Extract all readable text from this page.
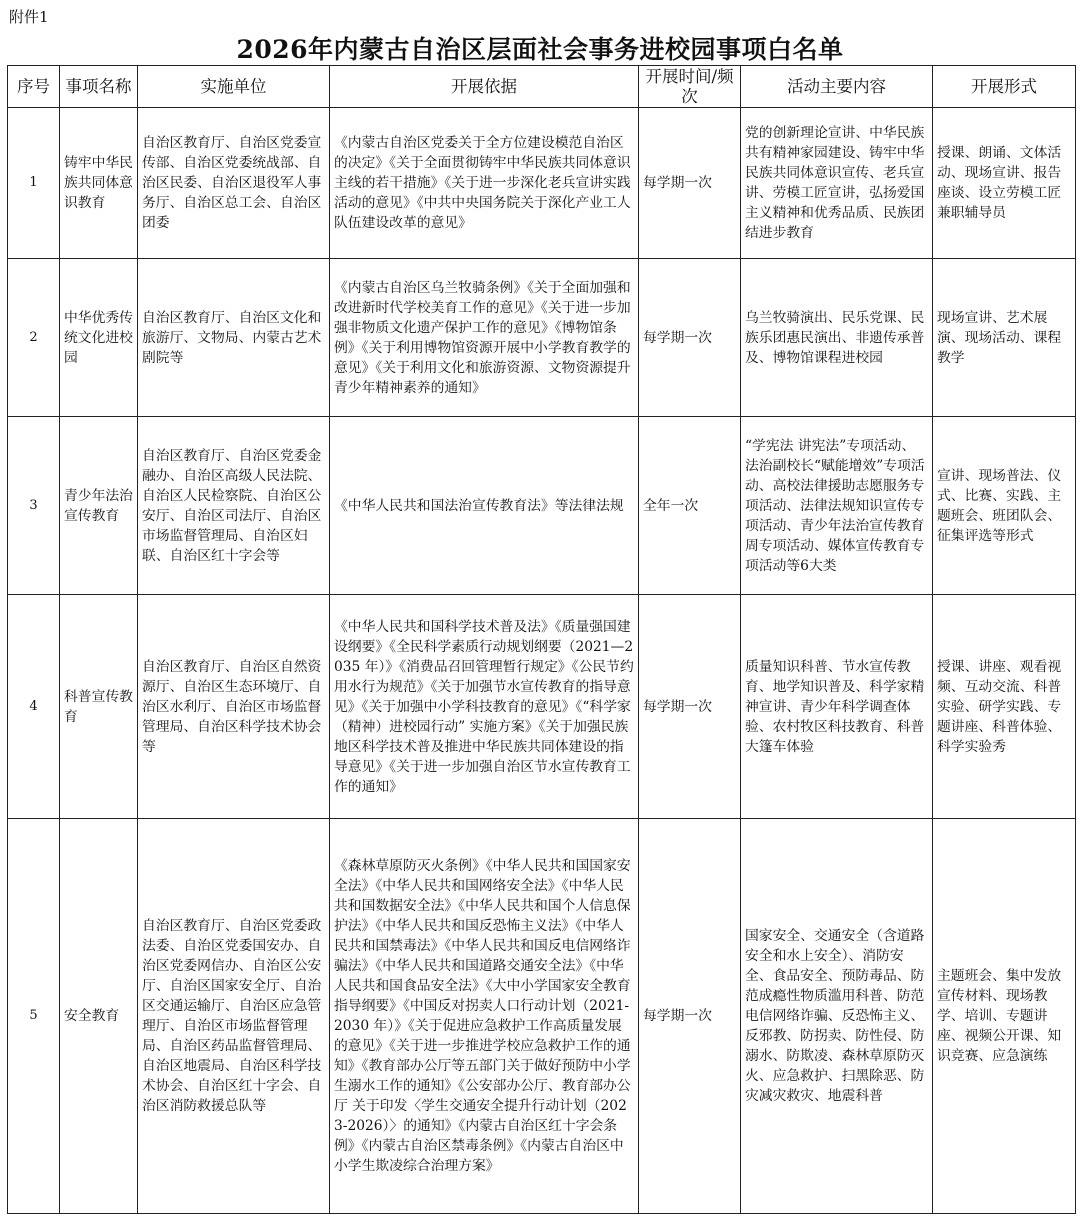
附件1
2026年内蒙古自治区层面社会事务进校园事项白名单
序号	事项名称	实施单位	开展依据	开展时间/频次	活动主要内容	开展形式
1	铸牢中华民族共同体意识教育	自治区教育厅、自治区党委宣传部、自治区党委统战部、自治区民委、自治区退役军人事务厅、自治区总工会、自治区团委	《内蒙古自治区党委关于全方位建设模范自治区的决定》《关于全面贯彻铸牢中华民族共同体意识主线的若干措施》《关于进一步深化老兵宣讲实践活动的意见》《中共中央国务院关于深化产业工人队伍建设改革的意见》	每学期一次	党的创新理论宣讲、中华民族共有精神家园建设、铸牢中华民族共同体意识宣传、老兵宣讲、劳模工匠宣讲，弘扬爱国主义精神和优秀品质、民族团结进步教育	授课、朗诵、文体活动、现场宣讲、报告座谈、设立劳模工匠兼职辅导员
2	中华优秀传统文化进校园	自治区教育厅、自治区文化和旅游厅、文物局、内蒙古艺术剧院等	《内蒙古自治区乌兰牧骑条例》《关于全面加强和改进新时代学校美育工作的意见》《关于进一步加强非物质文化遗产保护工作的意见》《博物馆条例》《关于利用博物馆资源开展中小学教育教学的意见》《关于利用文化和旅游资源、文物资源提升青少年精神素养的通知》	每学期一次	乌兰牧骑演出、民乐党课、民族乐团惠民演出、非遗传承普及、博物馆课程进校园	现场宣讲、艺术展演、现场活动、课程教学
3	青少年法治宣传教育	自治区教育厅、自治区党委金融办、自治区高级人民法院、自治区人民检察院、自治区公安厅、自治区司法厅、自治区市场监督管理局、自治区妇联、自治区红十字会等	《中华人民共和国法治宣传教育法》等法律法规	全年一次	“学宪法 讲宪法”专项活动、法治副校长“赋能增效”专项活动、高校法律援助志愿服务专项活动、法律法规知识宣传专项活动、青少年法治宣传教育周专项活动、媒体宣传教育专项活动等6大类	宣讲、现场普法、仪式、比赛、实践、主题班会、班团队会、征集评选等形式
4	科普宣传教育	自治区教育厅、自治区自然资源厅、自治区生态环境厅、自治区水利厅、自治区市场监督管理局、自治区科学技术协会等	《中华人民共和国科学技术普及法》《质量强国建设纲要》《全民科学素质行动规划纲要（2021—2035 年）》《消费品召回管理暂行规定》《公民节约用水行为规范》《关于加强节水宣传教育的指导意见》《关于加强中小学科技教育的意见》《“科学家（精神）进校园行动” 实施方案》《关于加强民族地区科学技术普及推进中华民族共同体建设的指导意见》《关于进一步加强自治区节水宣传教育工作的通知》	每学期一次	质量知识科普、节水宣传教育、地学知识普及、科学家精神宣讲、青少年科学调查体验、农村牧区科技教育、科普大篷车体验	授课、讲座、观看视频、互动交流、科普实验、研学实践、专题讲座、科普体验、科学实验秀
5	安全教育	自治区教育厅、自治区党委政法委、自治区党委国安办、自治区党委网信办、自治区公安厅、自治区国家安全厅、自治区交通运输厅、自治区应急管理厅、自治区市场监督管理局、自治区药品监督管理局、自治区地震局、自治区科学技术协会、自治区红十字会、自治区消防救援总队等	《森林草原防灭火条例》《中华人民共和国国家安全法》《中华人民共和国网络安全法》《中华人民共和国数据安全法》《中华人民共和国个人信息保护法》《中华人民共和国反恐怖主义法》《中华人民共和国禁毒法》《中华人民共和国反电信网络诈骗法》《中华人民共和国道路交通安全法》《中华人民共和国食品安全法》《大中小学国家安全教育指导纲要》《中国反对拐卖人口行动计划（2021-2030 年）》《关于促进应急救护工作高质量发展的意见》《关于进一步推进学校应急救护工作的通知》《教育部办公厅等五部门关于做好预防中小学生溺水工作的通知》《公安部办公厅、教育部办公厅 关于印发〈学生交通安全提升行动计划（2023-2026）〉的通知》《内蒙古自治区红十字会条例》《内蒙古自治区禁毒条例》《内蒙古自治区中小学生欺凌综合治理方案》	每学期一次	国家安全、交通安全（含道路安全和水上安全）、消防安全、食品安全、预防毒品、防范成瘾性物质滥用科普、防范电信网络诈骗、反恐怖主义、反邪教、防拐卖、防性侵、防溺水、防欺凌、森林草原防灭火、应急救护、扫黑除恶、防灾减灾救灾、地震科普	主题班会、集中发放宣传材料、现场教学、培训、专题讲座、视频公开课、知识竞赛、应急演练
